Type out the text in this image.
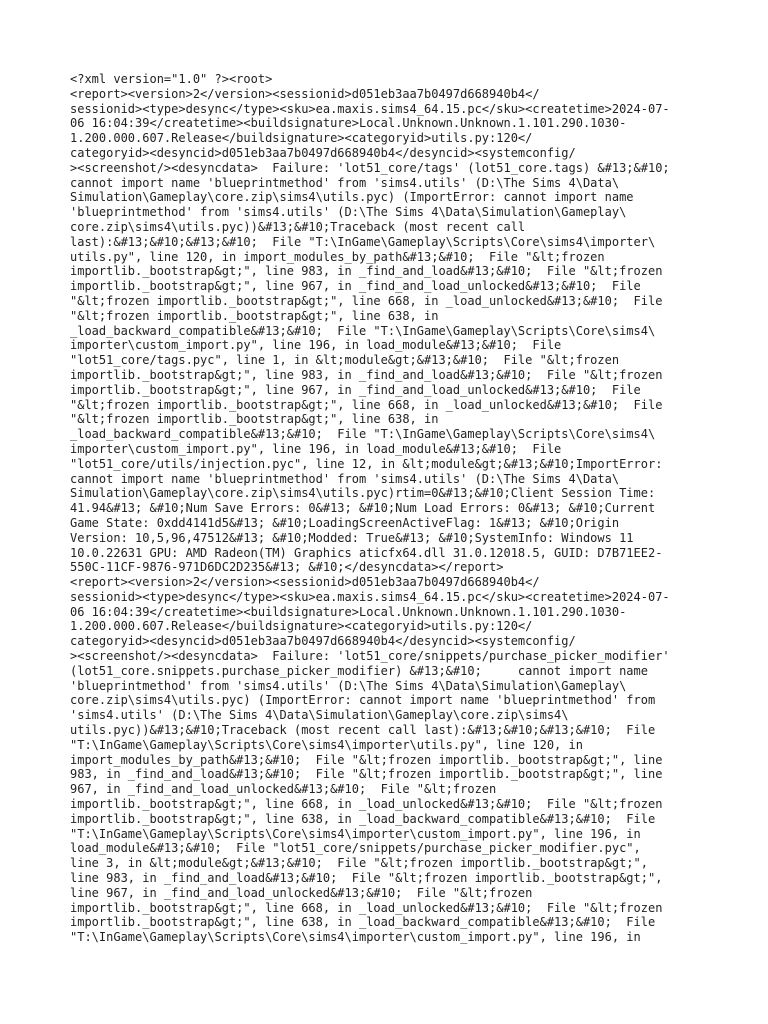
<?xml version="1.0" ?><root>
<report><version>2</version><sessionid>d051eb3aa7b0497d668940b4</
sessionid><type>desync</type><sku>ea.maxis.sims4_64.15.pc</sku><createtime>2024-07-
06 16:04:39</createtime><buildsignature>Local.Unknown.Unknown.1.101.290.1030-
1.200.000.607.Release</buildsignature><categoryid>utils.py:120</
categoryid><desyncid>d051eb3aa7b0497d668940b4</desyncid><systemconfig/
><screenshot/><desyncdata>  Failure: 'lot51_core/tags' (lot51_core.tags) &#13;&#10;
cannot import name 'blueprintmethod' from 'sims4.utils' (D:\The Sims 4\Data\
Simulation\Gameplay\core.zip\sims4\utils.pyc) (ImportError: cannot import name
'blueprintmethod' from 'sims4.utils' (D:\The Sims 4\Data\Simulation\Gameplay\
core.zip\sims4\utils.pyc))&#13;&#10;Traceback (most recent call
last):&#13;&#10;&#13;&#10;  File "T:\InGame\Gameplay\Scripts\Core\sims4\importer\
utils.py", line 120, in import_modules_by_path&#13;&#10;  File "&lt;frozen
importlib._bootstrap&gt;", line 983, in _find_and_load&#13;&#10;  File "&lt;frozen
importlib._bootstrap&gt;", line 967, in _find_and_load_unlocked&#13;&#10;  File
"&lt;frozen importlib._bootstrap&gt;", line 668, in _load_unlocked&#13;&#10;  File
"&lt;frozen importlib._bootstrap&gt;", line 638, in
_load_backward_compatible&#13;&#10;  File "T:\InGame\Gameplay\Scripts\Core\sims4\
importer\custom_import.py", line 196, in load_module&#13;&#10;  File
"lot51_core/tags.pyc", line 1, in &lt;module&gt;&#13;&#10;  File "&lt;frozen
importlib._bootstrap&gt;", line 983, in _find_and_load&#13;&#10;  File "&lt;frozen
importlib._bootstrap&gt;", line 967, in _find_and_load_unlocked&#13;&#10;  File
"&lt;frozen importlib._bootstrap&gt;", line 668, in _load_unlocked&#13;&#10;  File
"&lt;frozen importlib._bootstrap&gt;", line 638, in
_load_backward_compatible&#13;&#10;  File "T:\InGame\Gameplay\Scripts\Core\sims4\
importer\custom_import.py", line 196, in load_module&#13;&#10;  File
"lot51_core/utils/injection.pyc", line 12, in &lt;module&gt;&#13;&#10;ImportError:
cannot import name 'blueprintmethod' from 'sims4.utils' (D:\The Sims 4\Data\
Simulation\Gameplay\core.zip\sims4\utils.pyc)rtim=0&#13;&#10;Client Session Time:
41.94&#13; &#10;Num Save Errors: 0&#13; &#10;Num Load Errors: 0&#13; &#10;Current
Game State: 0xdd4141d5&#13; &#10;LoadingScreenActiveFlag: 1&#13; &#10;Origin
Version: 10,5,96,47512&#13; &#10;Modded: True&#13; &#10;SystemInfo: Windows 11
10.0.22631 GPU: AMD Radeon(TM) Graphics aticfx64.dll 31.0.12018.5, GUID: D7B71EE2-
550C-11CF-9876-971D6DC2D235&#13; &#10;</desyncdata></report>
<report><version>2</version><sessionid>d051eb3aa7b0497d668940b4</
sessionid><type>desync</type><sku>ea.maxis.sims4_64.15.pc</sku><createtime>2024-07-
06 16:04:39</createtime><buildsignature>Local.Unknown.Unknown.1.101.290.1030-
1.200.000.607.Release</buildsignature><categoryid>utils.py:120</
categoryid><desyncid>d051eb3aa7b0497d668940b4</desyncid><systemconfig/
><screenshot/><desyncdata>  Failure: 'lot51_core/snippets/purchase_picker_modifier'
(lot51_core.snippets.purchase_picker_modifier) &#13;&#10;     cannot import name
'blueprintmethod' from 'sims4.utils' (D:\The Sims 4\Data\Simulation\Gameplay\
core.zip\sims4\utils.pyc) (ImportError: cannot import name 'blueprintmethod' from
'sims4.utils' (D:\The Sims 4\Data\Simulation\Gameplay\core.zip\sims4\
utils.pyc))&#13;&#10;Traceback (most recent call last):&#13;&#10;&#13;&#10;  File
"T:\InGame\Gameplay\Scripts\Core\sims4\importer\utils.py", line 120, in
import_modules_by_path&#13;&#10;  File "&lt;frozen importlib._bootstrap&gt;", line
983, in _find_and_load&#13;&#10;  File "&lt;frozen importlib._bootstrap&gt;", line
967, in _find_and_load_unlocked&#13;&#10;  File "&lt;frozen
importlib._bootstrap&gt;", line 668, in _load_unlocked&#13;&#10;  File "&lt;frozen
importlib._bootstrap&gt;", line 638, in _load_backward_compatible&#13;&#10;  File
"T:\InGame\Gameplay\Scripts\Core\sims4\importer\custom_import.py", line 196, in
load_module&#13;&#10;  File "lot51_core/snippets/purchase_picker_modifier.pyc",
line 3, in &lt;module&gt;&#13;&#10;  File "&lt;frozen importlib._bootstrap&gt;",
line 983, in _find_and_load&#13;&#10;  File "&lt;frozen importlib._bootstrap&gt;",
line 967, in _find_and_load_unlocked&#13;&#10;  File "&lt;frozen
importlib._bootstrap&gt;", line 668, in _load_unlocked&#13;&#10;  File "&lt;frozen
importlib._bootstrap&gt;", line 638, in _load_backward_compatible&#13;&#10;  File
"T:\InGame\Gameplay\Scripts\Core\sims4\importer\custom_import.py", line 196, in
